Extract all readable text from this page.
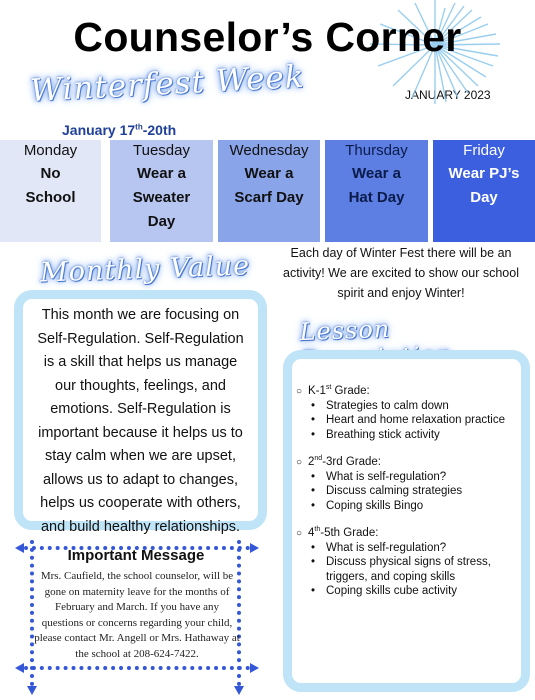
Counselor’s Corner
Winterfest Week	JANUARY 2023
January 17th-20th
Monday
No
School
Tuesday
Wear a
Sweater
Day
Wednesday
Wear a
Scarf Day
Thursday
Wear a
Hat Day
Friday
Wear PJ’s
Day
Each day of Winter Fest there will be an activity! We are excited to show our school spirit and enjoy Winter!
Monthly Value
This month we are focusing on Self-Regulation. Self-Regulation is a skill that helps us manage our thoughts, feelings, and emotions. Self-Regulation is important because it helps us to stay calm when we are upset, allows us to adapt to changes, helps us cooperate with others, and build healthy relationships.
Lesson
○ K-1st Grade:
• Strategies to calm down
• Heart and home relaxation practice
• Breathing stick activity
○ 2nd-3rd Grade:
• What is self-regulation?
• Discuss calming strategies
• Coping skills Bingo
○ 4th-5th Grade:
• What is self-regulation?
• Discuss physical signs of stress, triggers, and coping skills
• Coping skills cube activity
Important Message
Mrs. Caufield, the school counselor, will be gone on maternity leave for the months of February and March. If you have any questions or concerns regarding your child, please contact Mr. Angell or Mrs. Hathaway at the school at 208-624-7422.
